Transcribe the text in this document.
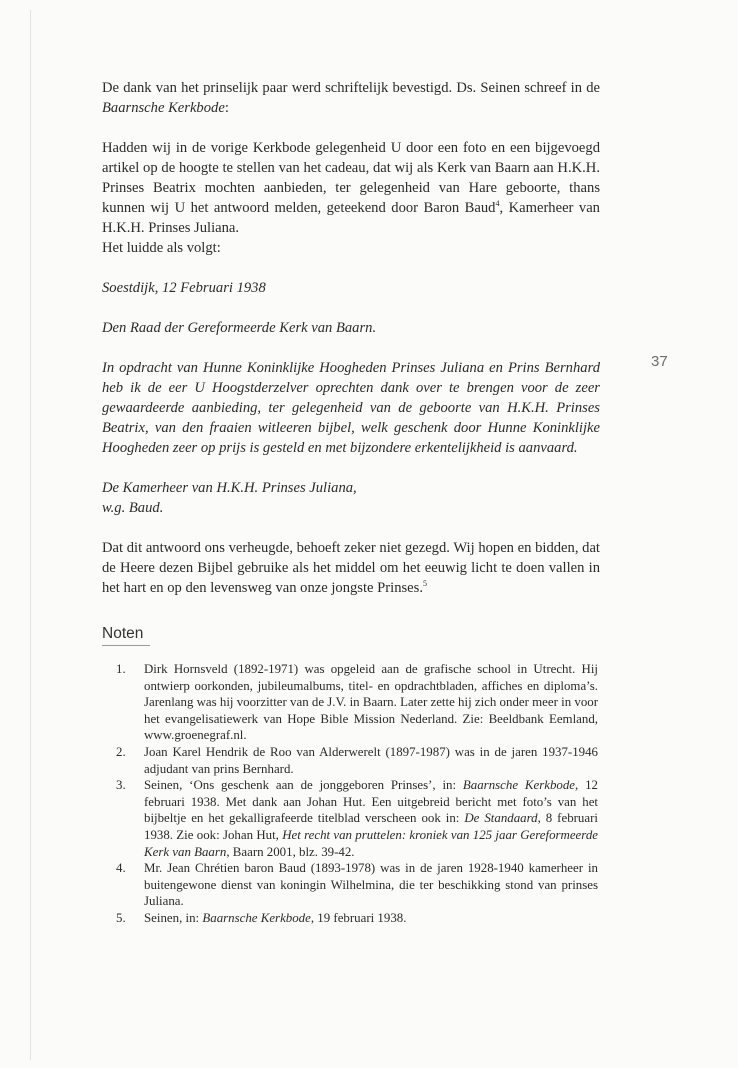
De dank van het prinselijk paar werd schriftelijk bevestigd. Ds. Seinen schreef in de Baarnsche Kerkbode:

Hadden wij in de vorige Kerkbode gelegenheid U door een foto en een bijgevoegd artikel op de hoogte te stellen van het cadeau, dat wij als Kerk van Baarn aan H.K.H. Prinses Beatrix mochten aanbieden, ter gelegenheid van Hare geboorte, thans kunnen wij U het antwoord melden, geteekend door Baron Baud$^4$, Kamerheer van H.K.H. Prinses Juliana.
Het luidde als volgt:

Soestdijk, 12 Februari 1938

Den Raad der Gereformeerde Kerk van Baarn.

In opdracht van Hunne Koninklijke Hoogheden Prinses Juliana en Prins Bernhard heb ik de eer U Hoogstderzelver oprechten dank over te brengen voor de zeer gewaardeerde aanbieding, ter gelegenheid van de geboorte van H.K.H. Prinses Beatrix, van den fraaien witleeren bijbel, welk geschenk door Hunne Koninklijke Hoogheden zeer op prijs is gesteld en met bijzondere erkentelijkheid is aanvaard.

De Kamerheer van H.K.H. Prinses Juliana,
w.g. Baud.

Dat dit antwoord ons verheugde, behoeft zeker niet gezegd. Wij hopen en bidden, dat de Heere dezen Bijbel gebruike als het middel om het eeuwig licht te doen vallen in het hart en op den levensweg van onze jongste Prinses.$^5$

37
Noten
1.	Dirk Hornsveld (1892-1971) was opgeleid aan de grafische school in Utrecht. Hij ontwierp oorkonden, jubileumalbums, titel- en opdrachtbladen, affiches en diploma’s. Jarenlang was hij voorzitter van de J.V. in Baarn. Later zette hij zich onder meer in voor het evangelisatiewerk van Hope Bible Mission Nederland. Zie: Beeldbank Eemland, www.groenegraf.nl.
2.	Joan Karel Hendrik de Roo van Alderwerelt (1897-1987) was in de jaren 1937-1946 adjudant van prins Bernhard.
3.	Seinen, ‘Ons geschenk aan de jonggeboren Prinses’, in: Baarnsche Kerkbode, 12 februari 1938. Met dank aan Johan Hut. Een uitgebreid bericht met foto’s van het bijbeltje en het gekalligrafeerde titelblad verscheen ook in: De Standaard, 8 februari 1938. Zie ook: Johan Hut, Het recht van pruttelen: kroniek van 125 jaar Gereformeerde Kerk van Baarn, Baarn 2001, blz. 39-42.
4.	Mr. Jean Chrétien baron Baud (1893-1978) was in de jaren 1928-1940 kamerheer in buitengewone dienst van koningin Wilhelmina, die ter beschikking stond van prinses Juliana.
5.	Seinen, in: Baarnsche Kerkbode, 19 februari 1938.
